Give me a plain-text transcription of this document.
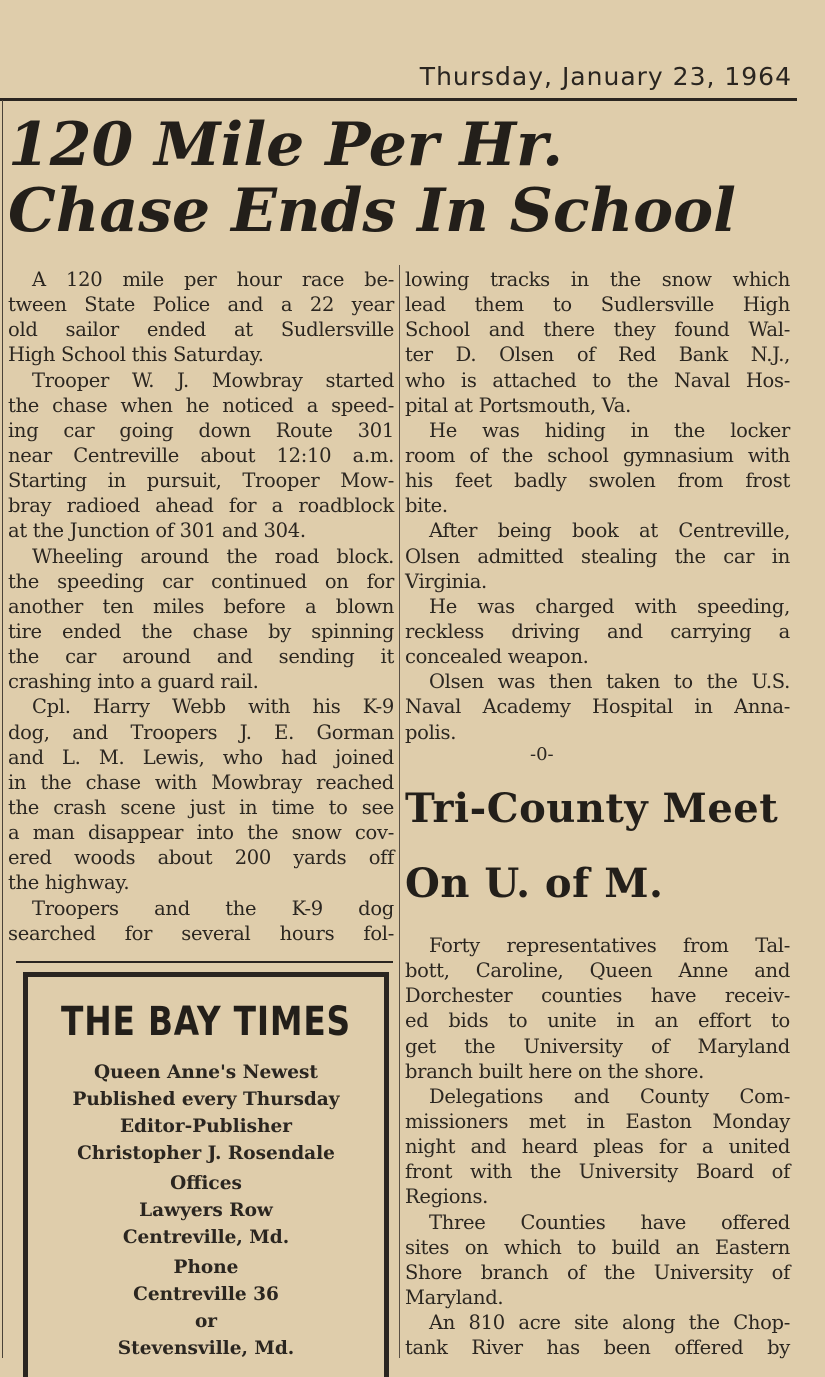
Thursday, January 23, 1964
120 Mile Per Hr.
Chase Ends In School
A 120 mile per hour race be-
tween State Police and a 22 year
old sailor ended at Sudlersville
High School this Saturday.
Trooper W. J. Mowbray started
the chase when he noticed a speed-
ing car going down Route 301
near Centreville about 12:10 a.m.
Starting in pursuit, Trooper Mow-
bray radioed ahead for a roadblock
at the Junction of 301 and 304.
Wheeling around the road block.
the speeding car continued on for
another ten miles before a blown
tire ended the chase by spinning
the car around and sending it
crashing into a guard rail.
Cpl. Harry Webb with his K-9
dog, and Troopers J. E. Gorman
and L. M. Lewis, who had joined
in the chase with Mowbray reached
the crash scene just in time to see
a man disappear into the snow cov-
ered woods about 200 yards off
the highway.
Troopers and the K-9 dog
searched for several hours fol-
lowing tracks in the snow which
lead them to Sudlersville High
School and there they found Wal-
ter D. Olsen of Red Bank N.J.,
who is attached to the Naval Hos-
pital at Portsmouth, Va.
He was hiding in the locker
room of the school gymnasium with
his feet badly swolen from frost
bite.
After being book at Centreville,
Olsen admitted stealing the car in
Virginia.
He was charged with speeding,
reckless driving and carrying a
concealed weapon.
Olsen was then taken to the U.S.
Naval Academy Hospital in Anna-
polis.
-0-
Tri-County Meet
On U. of M.
Forty representatives from Tal-
bott, Caroline, Queen Anne and
Dorchester counties have receiv-
ed bids to unite in an effort to
get the University of Maryland
branch built here on the shore.
Delegations and County Com-
missioners met in Easton Monday
night and heard pleas for a united
front with the University Board of
Regions.
Three Counties have offered
sites on which to build an Eastern
Shore branch of the University of
Maryland.
An 810 acre site along the Chop-
tank River has been offered by
THE BAY TIMES
Queen Anne's Newest
Published every Thursday
Editor-Publisher
Christopher J. Rosendale
Offices
Lawyers Row
Centreville, Md.
Phone
Centreville 36
or
Stevensville, Md.
